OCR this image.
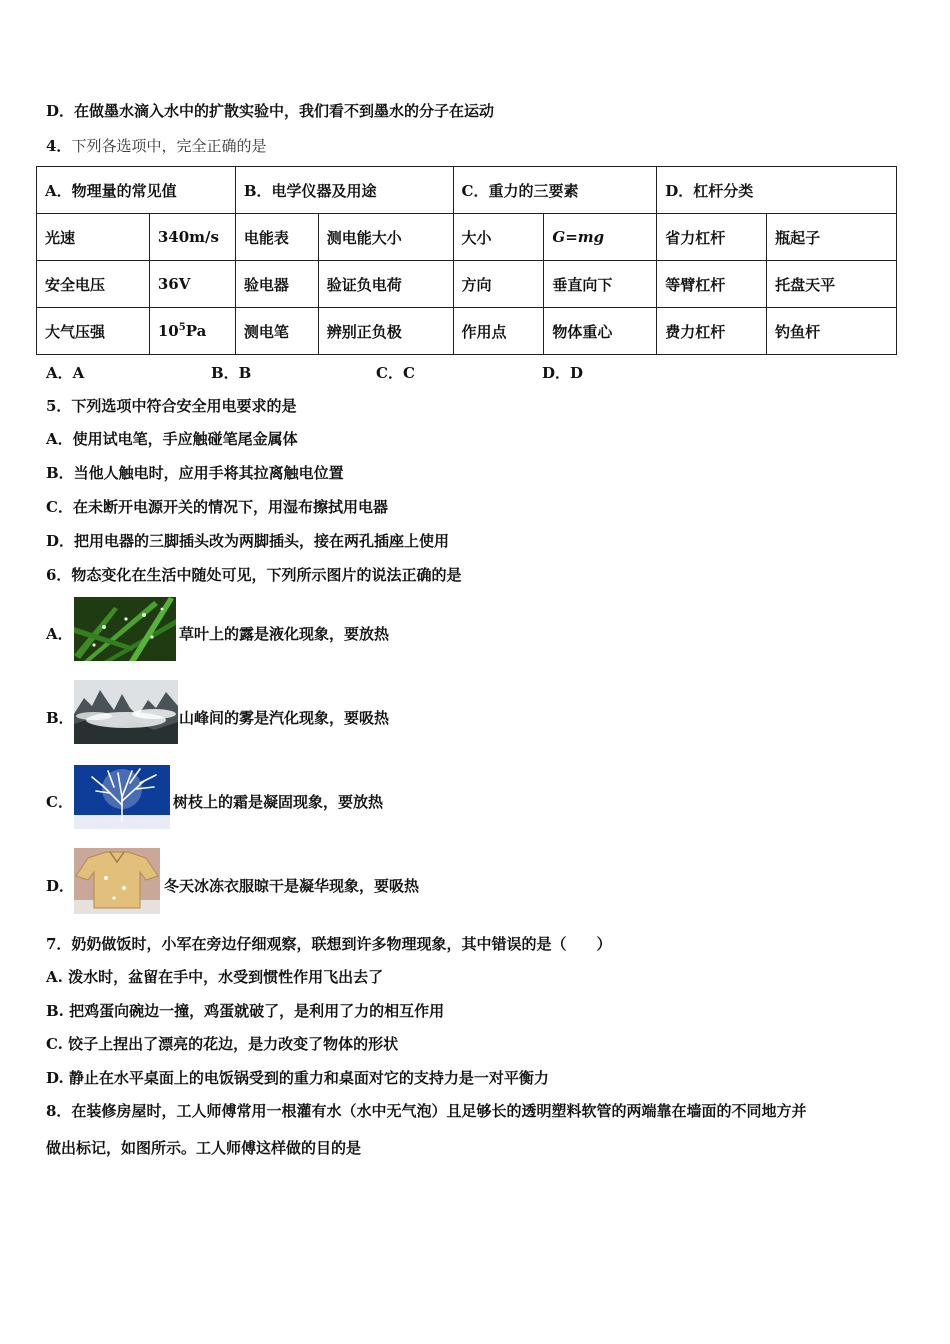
D．在做墨水滴入水中的扩散实验中，我们看不到墨水的分子在运动
4．下列各选项中，完全正确的是
A．物理量的常见值		B．电学仪器及用途		C．重力的三要素		D．杠杆分类	
光速	340m/s	电能表	测电能大小	大小	G=mg	省力杠杆	瓶起子
安全电压	36V	验电器	验证负电荷	方向	垂直向下	等臂杠杆	托盘天平
大气压强	$10^5Pa$	测电笔	辨别正负极	作用点	物体重心	费力杠杆	钓鱼杆
A．A	B．B	C．C	D．D
5．下列选项中符合安全用电要求的是
A．使用试电笔，手应触碰笔尾金属体
B．当他人触电时，应用手将其拉离触电位置
C．在未断开电源开关的情况下，用湿布擦拭用电器
D．把用电器的三脚插头改为两脚插头，接在两孔插座上使用
6．物态变化在生活中随处可见，下列所示图片的说法正确的是
A．	草叶上的露是液化现象，要放热
B．	山峰间的雾是汽化现象，要吸热
C．	树枝上的霜是凝固现象，要放热
D．	冬天冰冻衣服晾干是凝华现象，要吸热
7．奶奶做饭时，小军在旁边仔细观察，联想到许多物理现象，其中错误的是（　　）
A. 泼水时，盆留在手中，水受到惯性作用飞出去了
B. 把鸡蛋向碗边一撞，鸡蛋就破了，是利用了力的相互作用
C. 饺子上捏出了漂亮的花边，是力改变了物体的形状
D. 静止在水平桌面上的电饭锅受到的重力和桌面对它的支持力是一对平衡力
8．在装修房屋时，工人师傅常用一根灌有水（水中无气泡）且足够长的透明塑料软管的两端靠在墙面的不同地方并
做出标记，如图所示。工人师傅这样做的目的是
